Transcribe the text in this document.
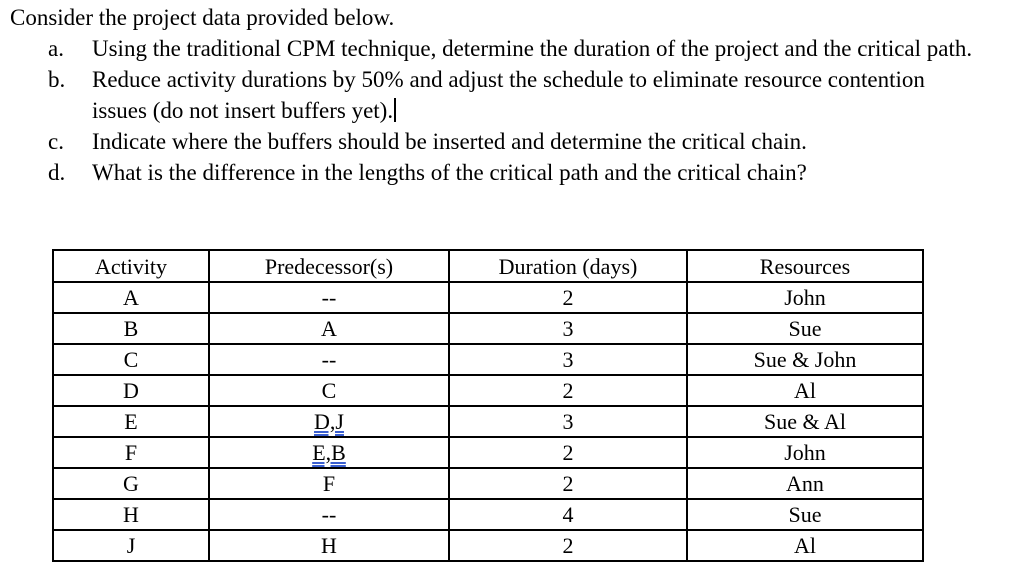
Consider the project data provided below.
a.	Using the traditional CPM technique, determine the duration of the project and the critical path.
b.	Reduce activity durations by 50% and adjust the schedule to eliminate resource contention issues (do not insert buffers yet).
c.	Indicate where the buffers should be inserted and determine the critical chain.
d.	What is the difference in the lengths of the critical path and the critical chain?
Activity	Predecessor(s)	Duration (days)	Resources
A	--	2	John
B	A	3	Sue
C	--	3	Sue & John
D	C	2	Al
E	D,J	3	Sue & Al
F	E,B	2	John
G	F	2	Ann
H	--	4	Sue
J	H	2	Al
